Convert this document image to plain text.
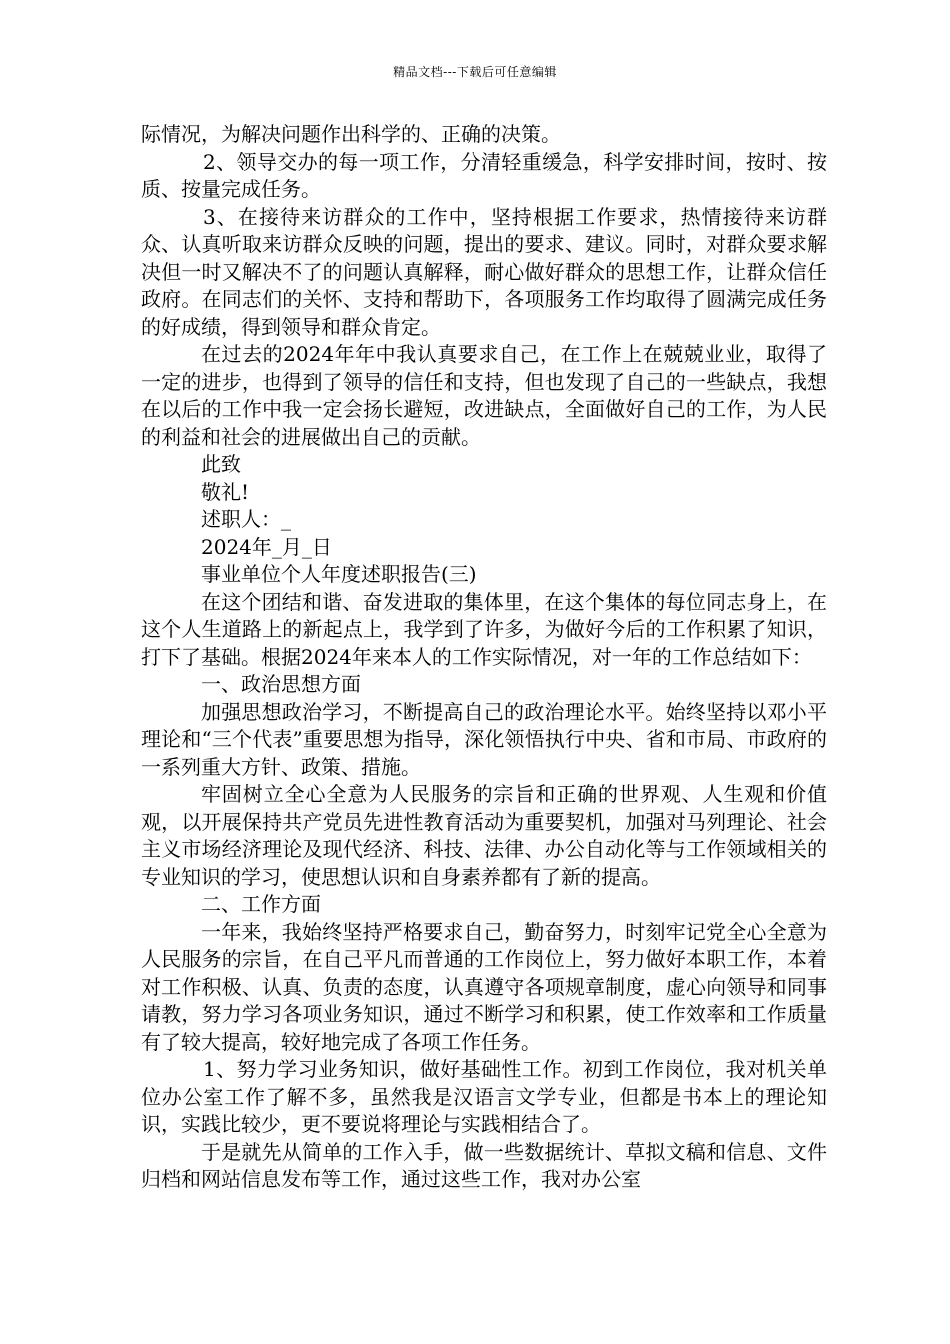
精品文档---下载后可任意编辑

际情况，为解决问题作出科学的、正确的决策。

2、领导交办的每一项工作，分清轻重缓急，科学安排时间，按时、按质、按量完成任务。

3、在接待来访群众的工作中，坚持根据工作要求，热情接待来访群众、认真听取来访群众反映的问题，提出的要求、建议。同时，对群众要求解决但一时又解决不了的问题认真解释，耐心做好群众的思想工作，让群众信任政府。在同志们的关怀、支持和帮助下，各项服务工作均取得了圆满完成任务的好成绩，得到领导和群众肯定。

在过去的2024年年中我认真要求自己，在工作上在兢兢业业，取得了一定的进步，也得到了领导的信任和支持，但也发现了自己的一些缺点，我想在以后的工作中我一定会扬长避短，改进缺点，全面做好自己的工作，为人民的利益和社会的进展做出自己的贡献。

此致

敬礼!

述职人：_

2024年_月_日

事业单位个人年度述职报告(三)

在这个团结和谐、奋发进取的集体里，在这个集体的每位同志身上，在这个人生道路上的新起点上，我学到了许多，为做好今后的工作积累了知识，打下了基础。根据2024年来本人的工作实际情况，对一年的工作总结如下：

一、政治思想方面

加强思想政治学习，不断提高自己的政治理论水平。始终坚持以邓小平理论和“三个代表”重要思想为指导，深化领悟执行中央、省和市局、市政府的一系列重大方针、政策、措施。

牢固树立全心全意为人民服务的宗旨和正确的世界观、人生观和价值观，以开展保持共产党员先进性教育活动为重要契机，加强对马列理论、社会主义市场经济理论及现代经济、科技、法律、办公自动化等与工作领域相关的专业知识的学习，使思想认识和自身素养都有了新的提高。

二、工作方面

一年来，我始终坚持严格要求自己，勤奋努力，时刻牢记党全心全意为人民服务的宗旨，在自己平凡而普通的工作岗位上，努力做好本职工作，本着对工作积极、认真、负责的态度，认真遵守各项规章制度，虚心向领导和同事请教，努力学习各项业务知识，通过不断学习和积累，使工作效率和工作质量有了较大提高，较好地完成了各项工作任务。

1、努力学习业务知识，做好基础性工作。初到工作岗位，我对机关单位办公室工作了解不多，虽然我是汉语言文学专业，但都是书本上的理论知识，实践比较少，更不要说将理论与实践相结合了。

于是就先从简单的工作入手，做一些数据统计、草拟文稿和信息、文件归档和网站信息发布等工作，通过这些工作，我对办公室
